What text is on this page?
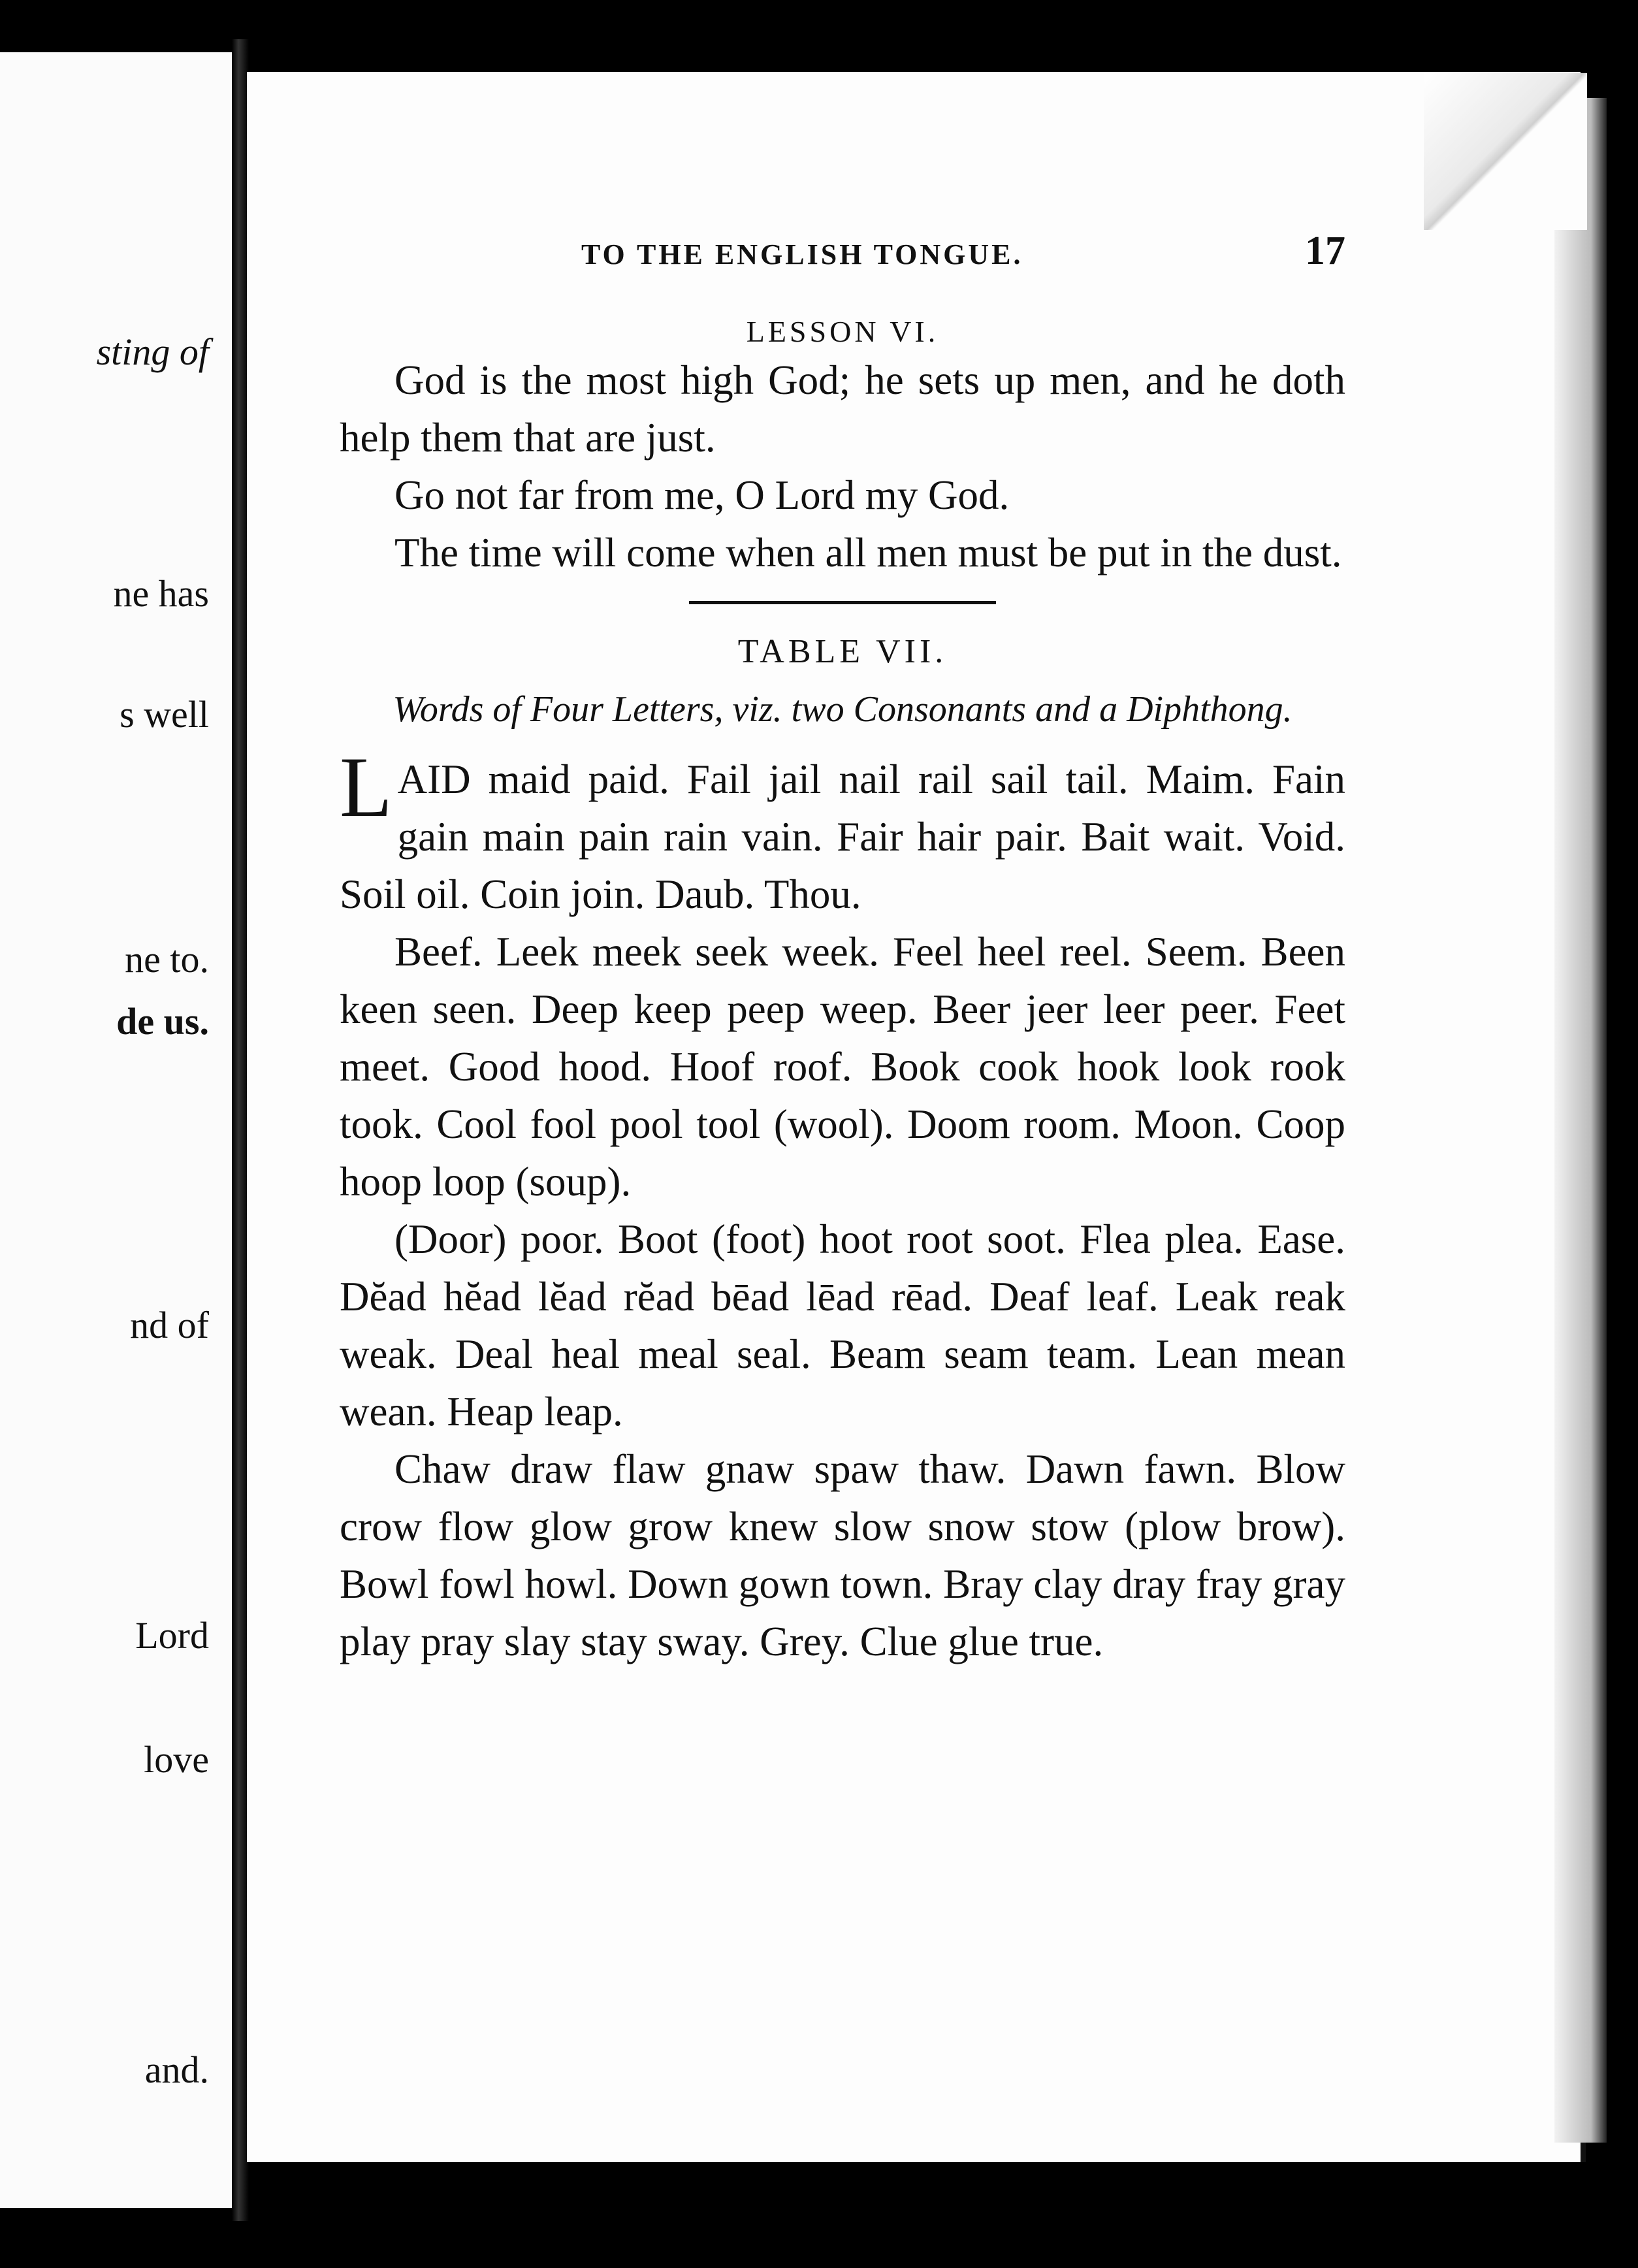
sting of
ne has
s well
ne to.
de us.
nd of
Lord
love
and.
TO THE ENGLISH TONGUE.	17
LESSON VI.

God is the most high God; he sets up men, and he doth help them that are just.

Go not far from me, O Lord my God.

The time will come when all men must be put in the dust.

TABLE VII.
Words of Four Letters, viz. two Consonants and a Diphthong.

LAID maid paid. Fail jail nail rail sail tail. Maim. Fain gain main pain rain vain. Fair hair pair. Bait wait. Void. Soil oil. Coin join. Daub. Thou.

Beef. Leek meek seek week. Feel heel reel. Seem. Been keen seen. Deep keep peep weep. Beer jeer leer peer. Feet meet. Good hood. Hoof roof. Book cook hook look rook took. Cool fool pool tool (wool). Doom room. Moon. Coop hoop loop (soup).

(Door) poor. Boot (foot) hoot root soot. Flea plea. Ease. Dĕad hĕad lĕad rĕad bēad lēad rēad. Deaf leaf. Leak reak weak. Deal heal meal seal. Beam seam team. Lean mean wean. Heap leap.

Chaw draw flaw gnaw spaw thaw. Dawn fawn. Blow crow flow glow grow knew slow snow stow (plow brow). Bowl fowl howl. Down gown town. Bray clay dray fray gray play pray slay stay sway. Grey. Clue glue true.
